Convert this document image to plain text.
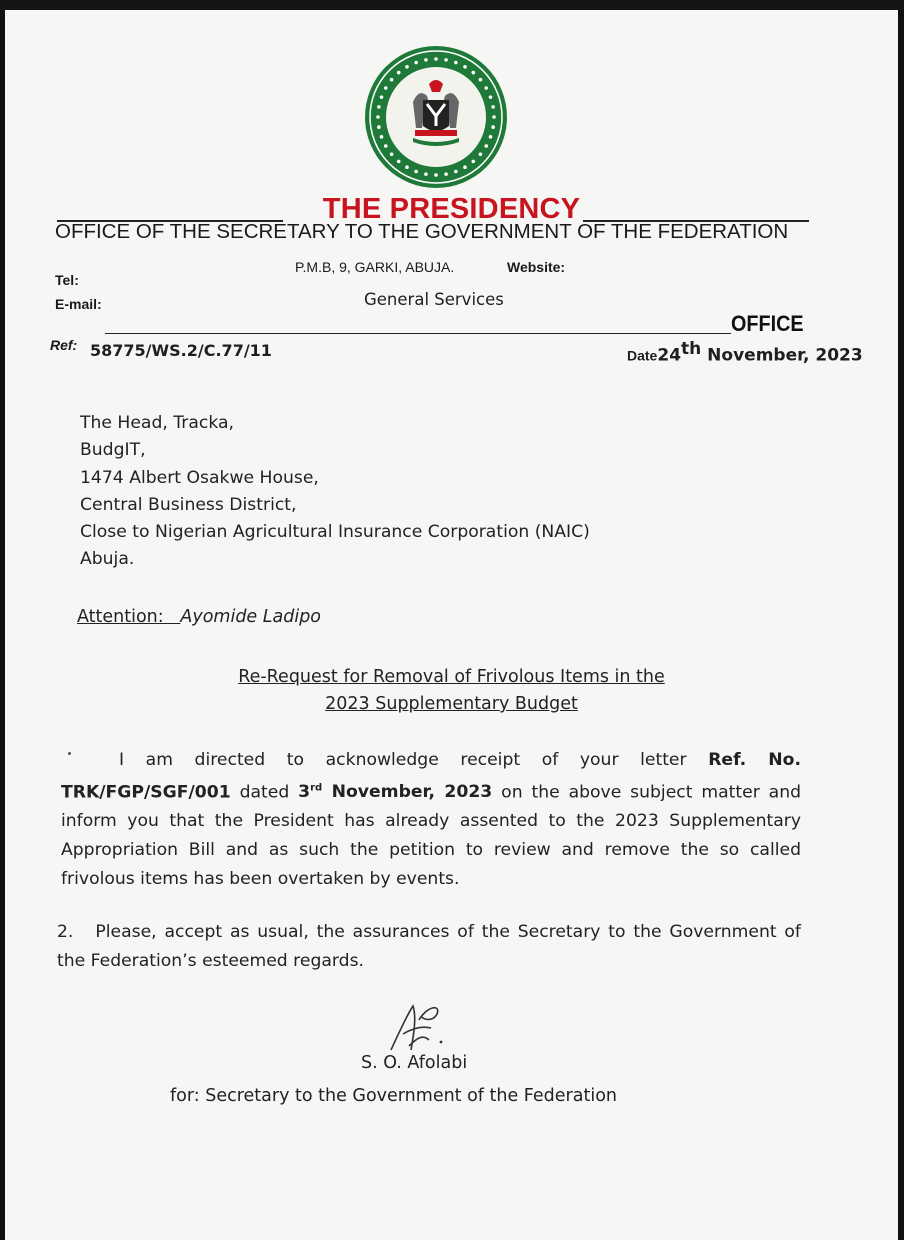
THE PRESIDENCY
OFFICE OF THE SECRETARY TO THE GOVERNMENT OF THE FEDERATION
P.M.B, 9, GARKI, ABUJA.	Website:
Tel:
E-mail:	General Services
OFFICE
Ref: 58775/WS.2/C.77/11	Date24th November, 2023
The Head, Tracka,
BudgIT,
1474 Albert Osakwe House,
Central Business District,
Close to Nigerian Agricultural Insurance Corporation (NAIC)
Abuja.
Attention: Ayomide Ladipo
Re-Request for Removal of Frivolous Items in the
2023 Supplementary Budget
I am directed to acknowledge receipt of your letter Ref. No. TRK/FGP/SGF/001 dated 3rd November, 2023 on the above subject matter and inform you that the President has already assented to the 2023 Supplementary Appropriation Bill and as such the petition to review and remove the so called frivolous items has been overtaken by events.
2. Please, accept as usual, the assurances of the Secretary to the Government of the Federation’s esteemed regards.
S. O. Afolabi
for: Secretary to the Government of the Federation
